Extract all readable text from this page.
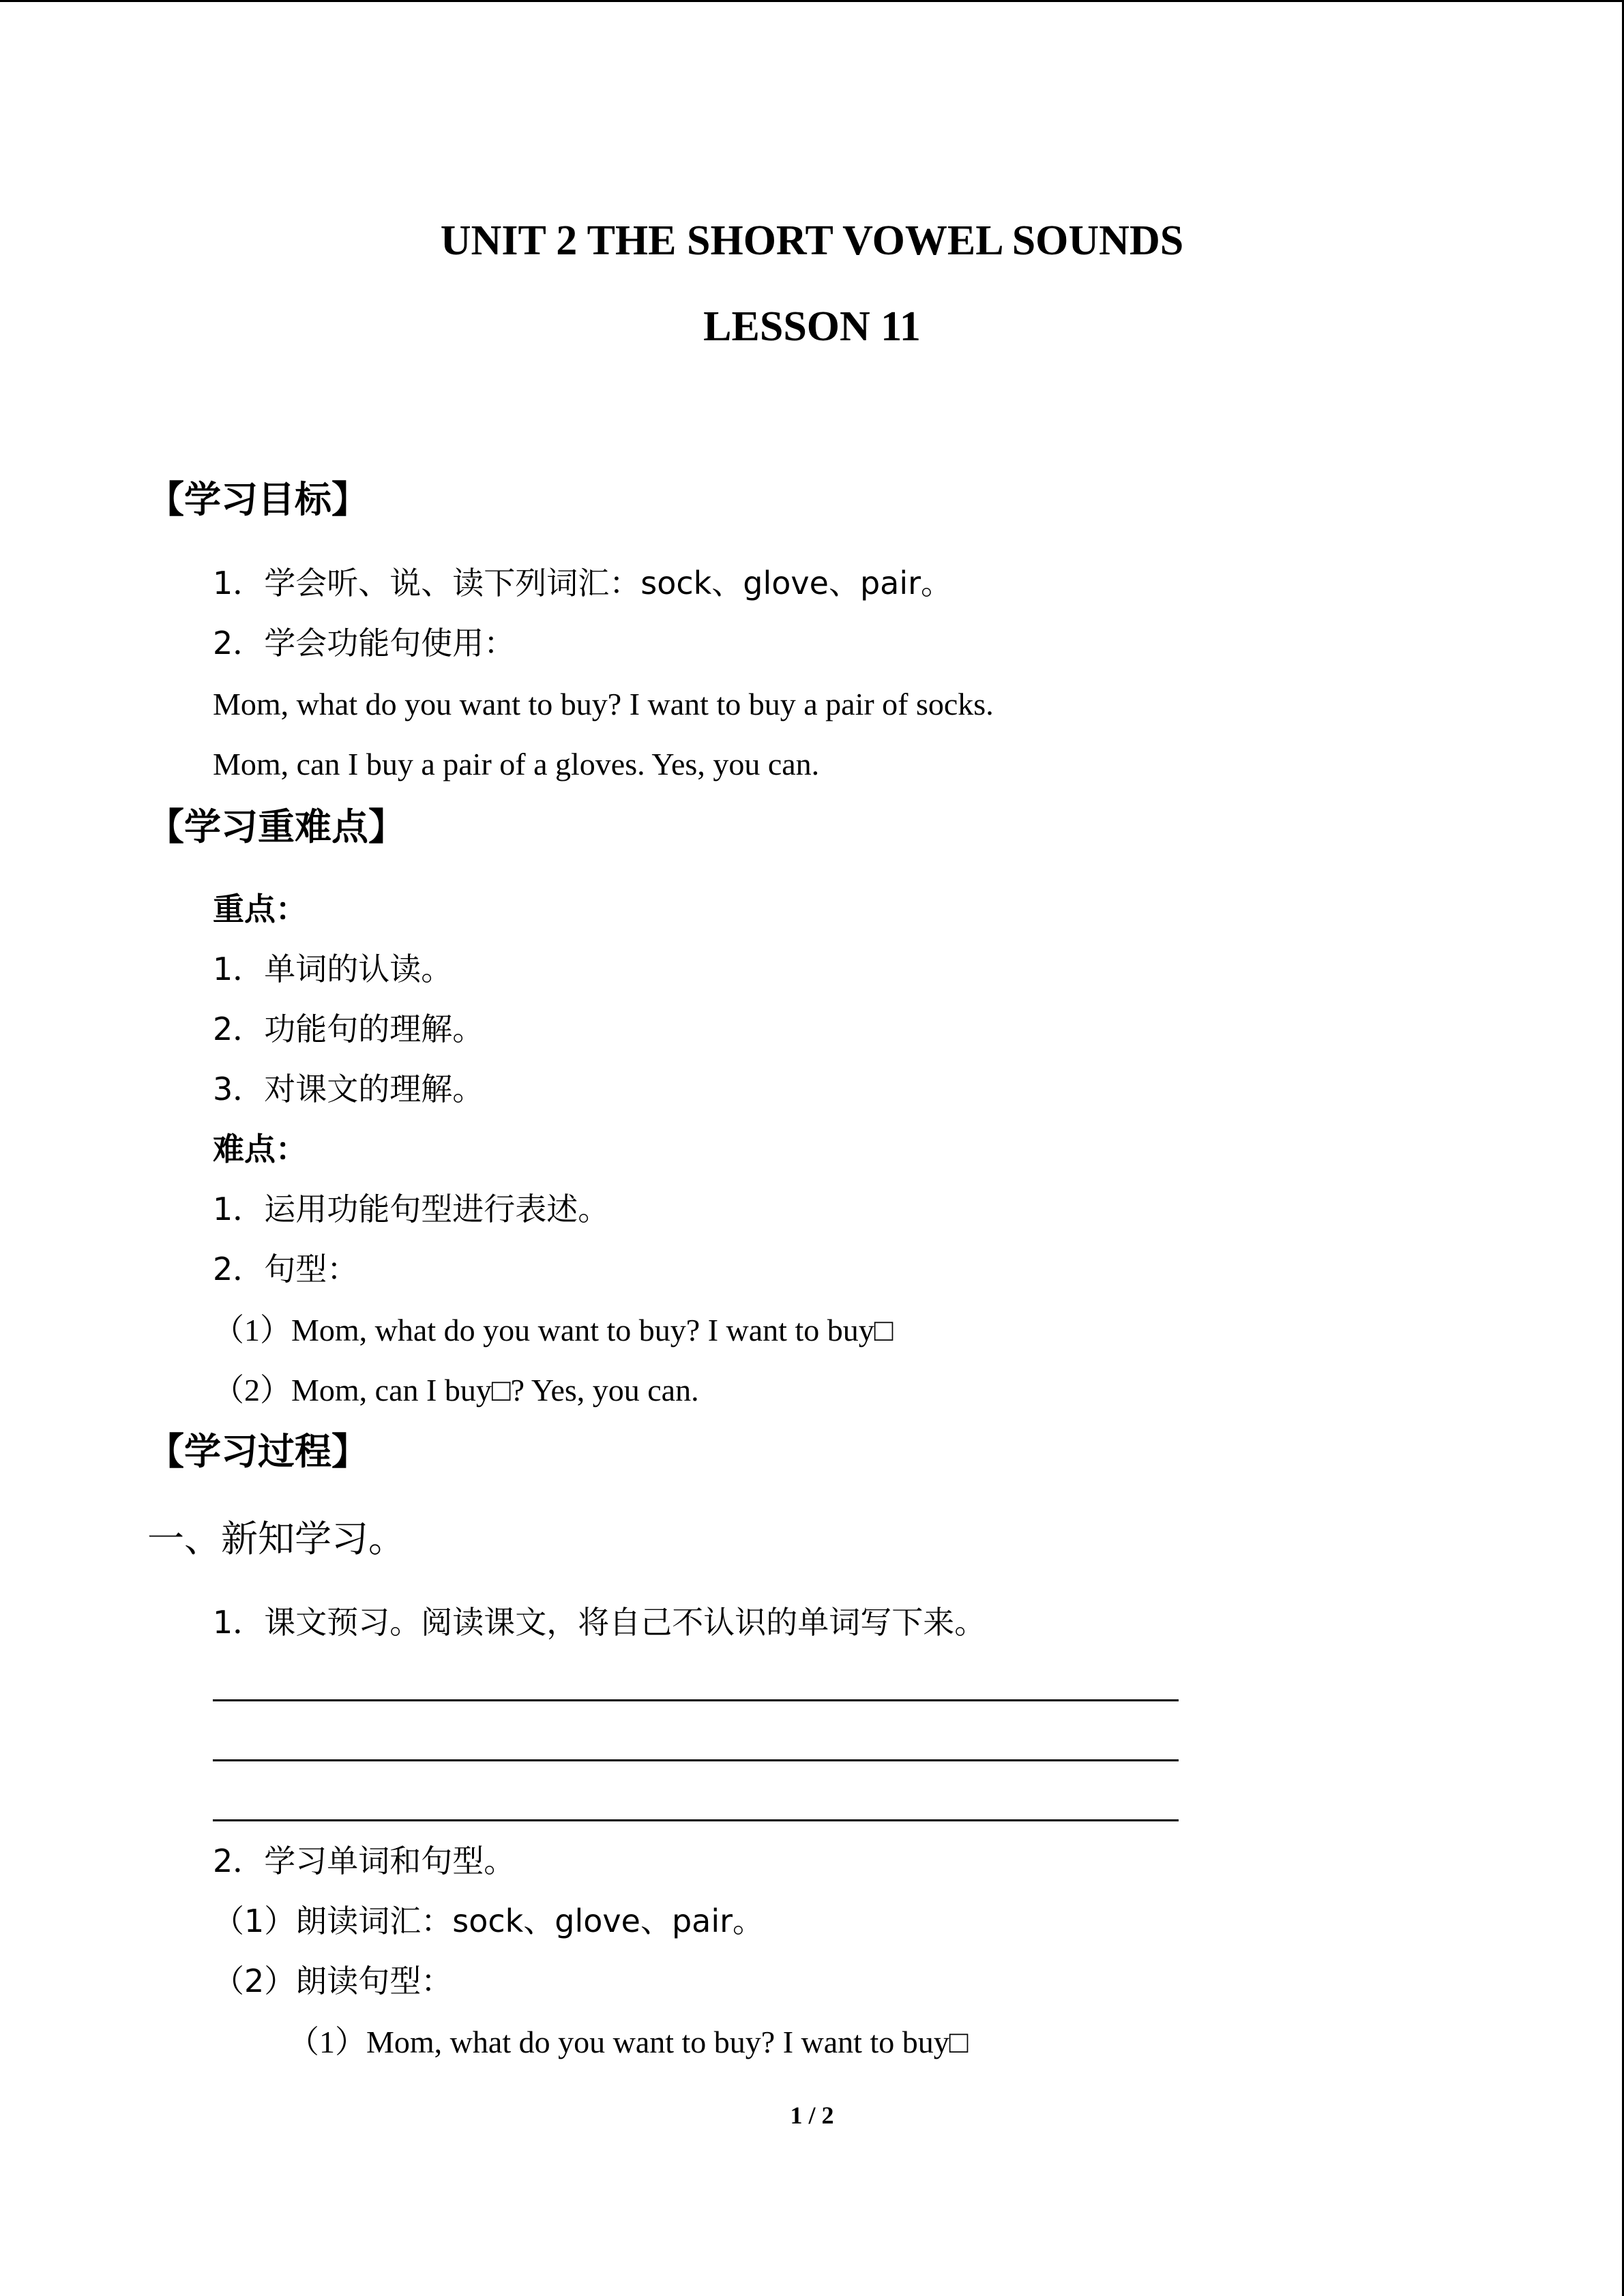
UNIT 2 THE SHORT VOWEL SOUNDS
LESSON 11
【学习目标】
1．学会听、说、读下列词汇：sock、glove、pair。
2．学会功能句使用：
Mom, what do you want to buy? I want to buy a pair of socks.
Mom, can I buy a pair of a gloves. Yes, you can.
【学习重难点】
重点：
1．单词的认读。
2．功能句的理解。
3．对课文的理解。
难点：
1．运用功能句型进行表述。
2．句型：
（1）Mom, what do you want to buy? I want to buy□
（2）Mom, can I buy□? Yes, you can.
【学习过程】
一、新知学习。
1．课文预习。阅读课文，将自己不认识的单词写下来。
2．学习单词和句型。
（1）朗读词汇：sock、glove、pair。
（2）朗读句型：
（1）Mom, what do you want to buy? I want to buy□
1 / 2
